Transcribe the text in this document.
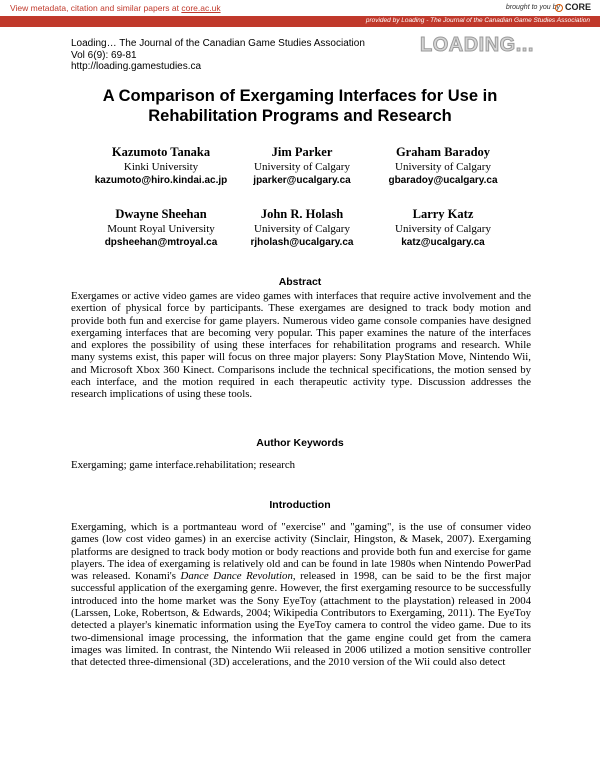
View metadata, citation and similar papers at core.ac.uk	brought to you by CORE
provided by Loading - The Journal of the Canadian Game Studies Association
Loading… The Journal of the Canadian Game Studies Association
Vol 6(9): 69-81
http://loading.gamestudies.ca
LOADING...
A Comparison of Exergaming Interfaces for Use in Rehabilitation Programs and Research
Kazumoto Tanaka
Kinki University
kazumoto@hiro.kindai.ac.jp
Jim Parker
University of Calgary
jparker@ucalgary.ca
Graham Baradoy
University of Calgary
gbaradoy@ucalgary.ca
Dwayne Sheehan
Mount Royal University
dpsheehan@mtroyal.ca
John R. Holash
University of Calgary
rjholash@ucalgary.ca
Larry Katz
University of Calgary
katz@ucalgary.ca
Abstract
Exergames or active video games are video games with interfaces that require active involvement and the exertion of physical force by participants. These exergames are designed to track body motion and provide both fun and exercise for game players. Numerous video game console companies have designed exergaming interfaces that are becoming very popular. This paper examines the nature of the interfaces and explores the possibility of using these interfaces for rehabilitation programs and research. While many systems exist, this paper will focus on three major players: Sony PlayStation Move, Nintendo Wii, and Microsoft Xbox 360 Kinect. Comparisons include the technical specifications, the motion sensed by each interface, and the motion required in each therapeutic activity type. Discussion addresses the research implications of using these tools.
Author Keywords
Exergaming; game interface.rehabilitation; research
Introduction
Exergaming, which is a portmanteau word of "exercise" and "gaming", is the use of consumer video games (low cost video games) in an exercise activity (Sinclair, Hingston, & Masek, 2007). Exergaming platforms are designed to track body motion or body reactions and provide both fun and exercise for game players. The idea of exergaming is relatively old and can be found in late 1980s when Nintendo PowerPad was released. Konami's Dance Dance Revolution, released in 1998, can be said to be the first major successful application of the exergaming genre. However, the first exergaming resource to be successfully introduced into the home market was the Sony EyeToy (attachment to the playstation) released in 2004 (Larssen, Loke, Robertson, & Edwards, 2004; Wikipedia Contributors to Exergaming, 2011). The EyeToy detected a player's kinematic information using the EyeToy camera to control the video game. Due to its two-dimensional image processing, the information that the game engine could get from the camera images was limited. In contrast, the Nintendo Wii released in 2006 utilized a motion sensitive controller that detected three-dimensional (3D) accelerations, and the 2010 version of the Wii could also detect
